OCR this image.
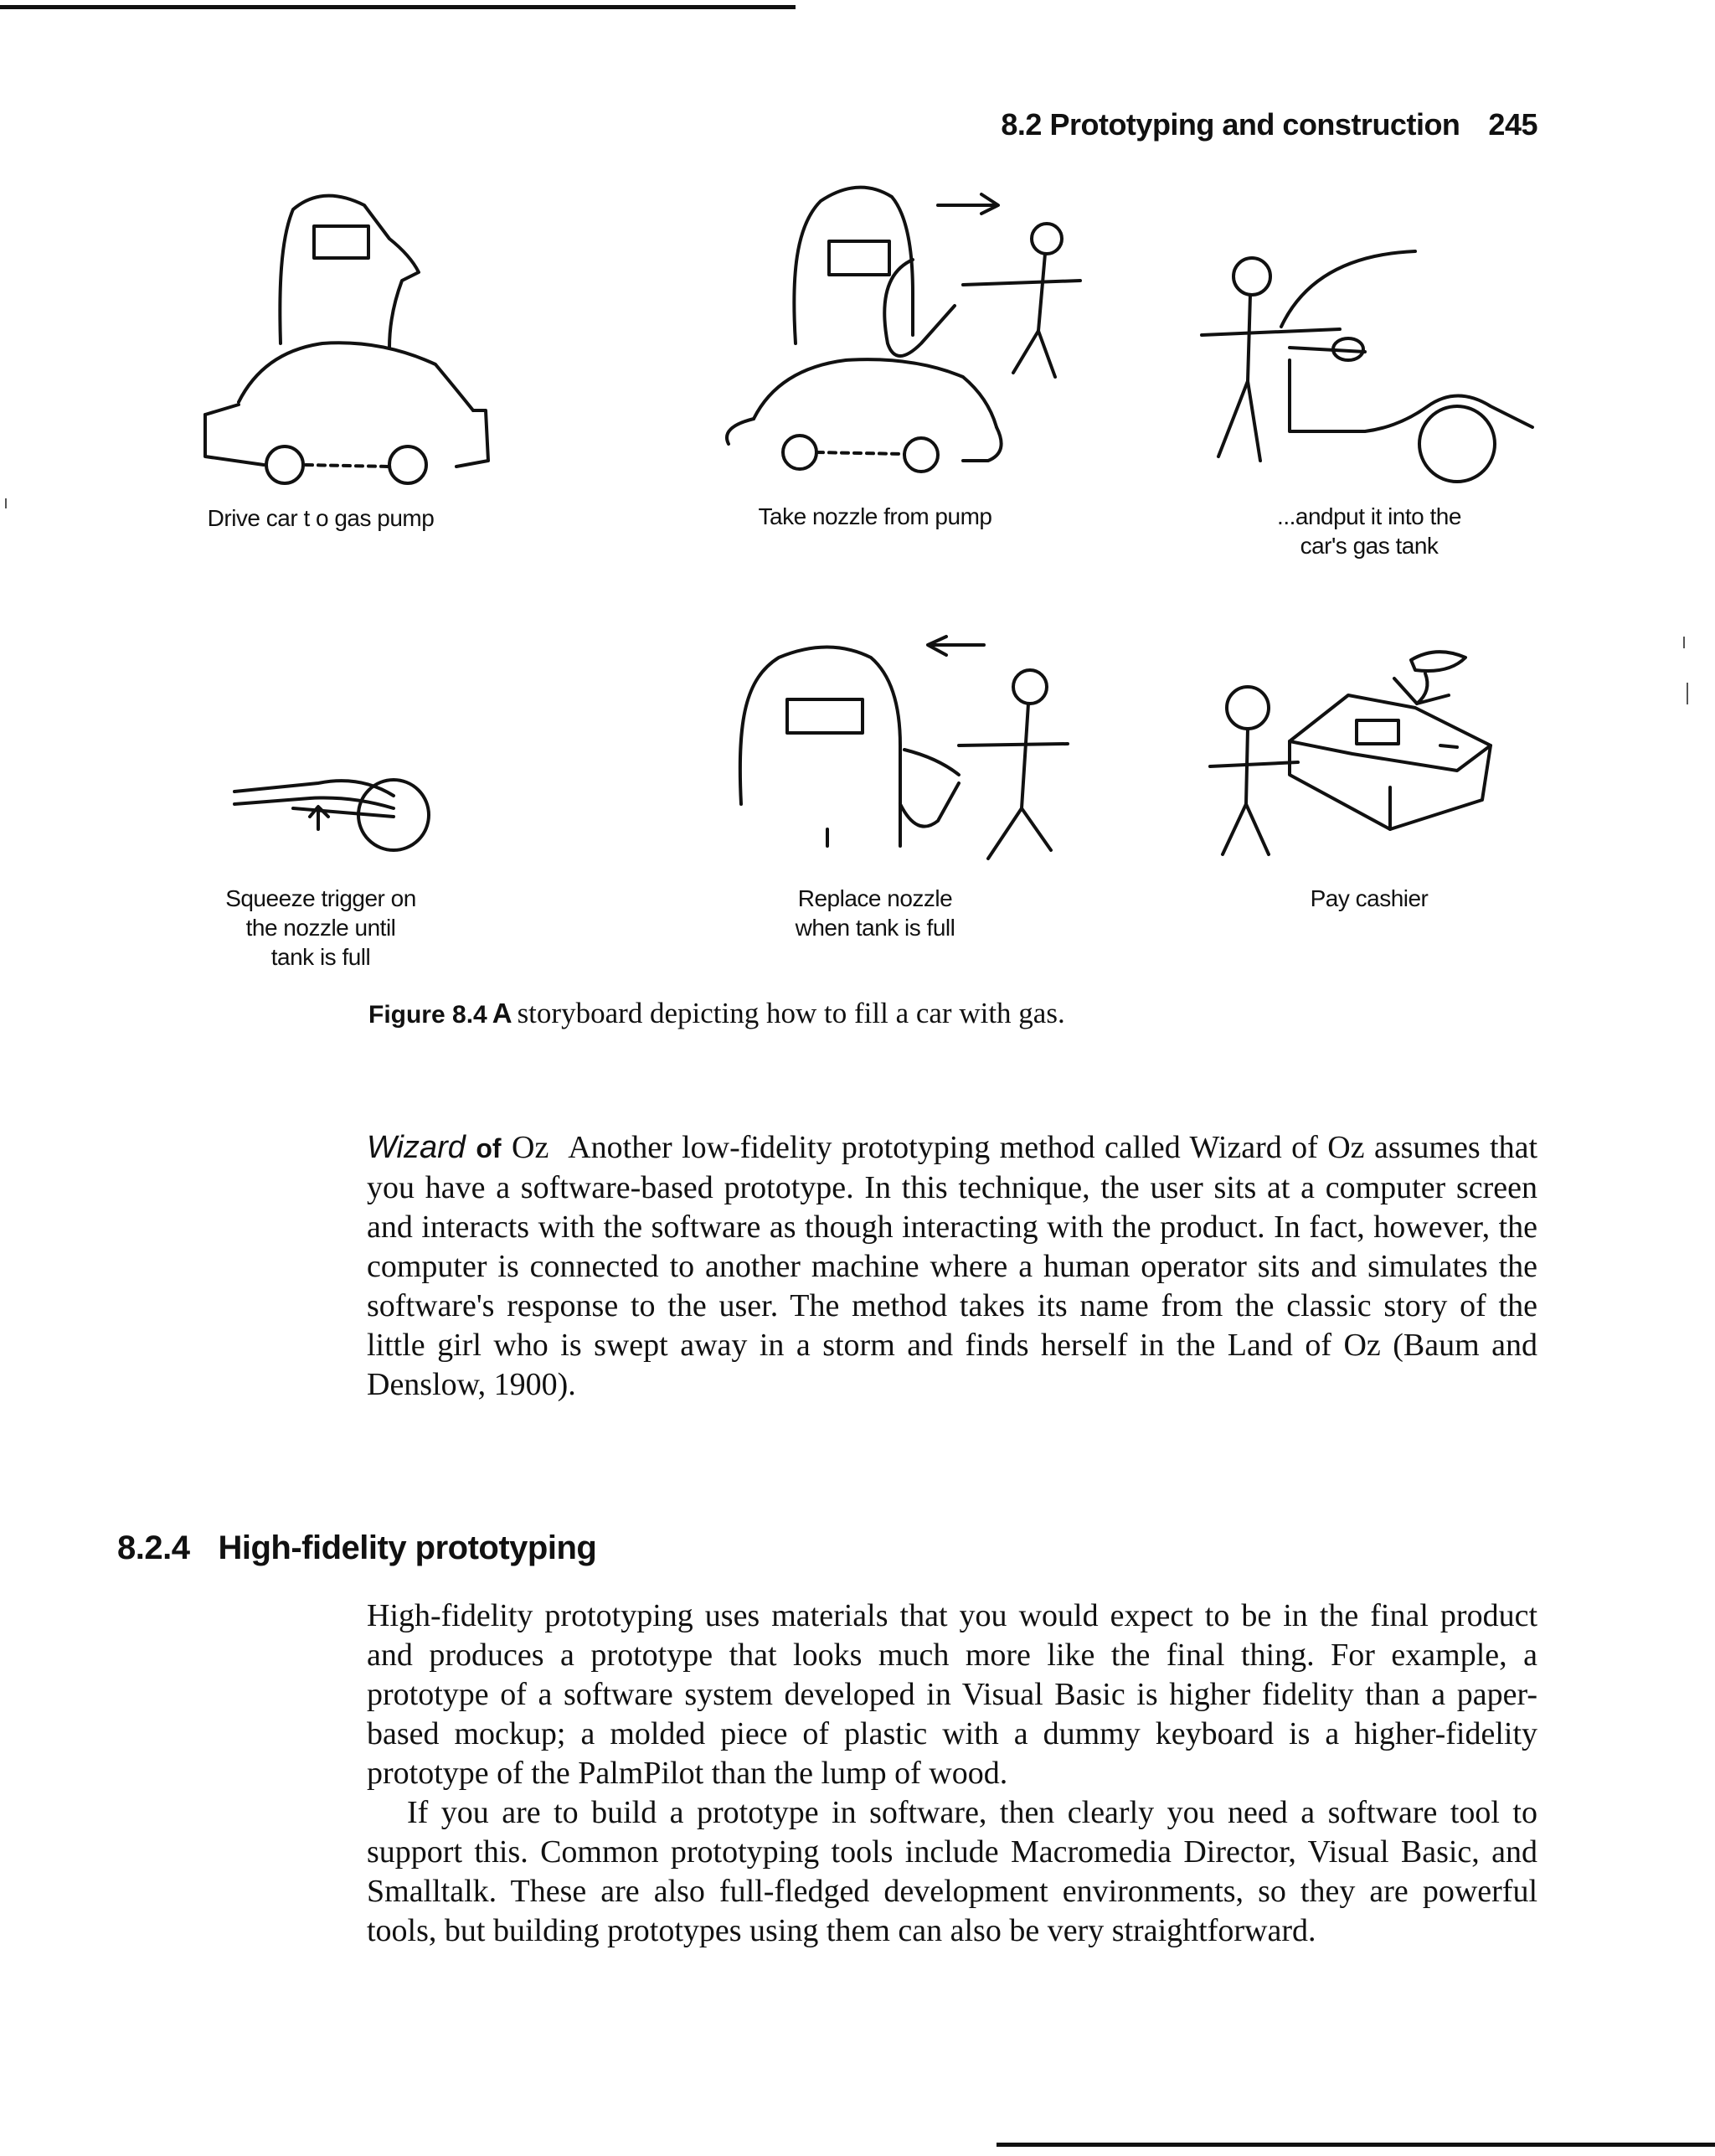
8.2 Prototyping and construction 245
Drive car t o gas pump	Take nozzle from pump	...andput it into the
car's gas tank
Squeeze trigger on
the nozzle until
tank is full
Replace nozzle
when tank is full
Pay cashier
Figure 8.4 A storyboard depicting how to fill a car with gas.
Wizard of Oz Another low-fidelity prototyping method called Wizard of Oz assumes that you have a software-based prototype. In this technique, the user sits at a computer screen and interacts with the software as though interacting with the product. In fact, however, the computer is connected to another machine where a human operator sits and simulates the software's response to the user. The method takes its name from the classic story of the little girl who is swept away in a storm and finds herself in the Land of Oz (Baum and Denslow, 1900).
8.2.4 High-fidelity prototyping
High-fidelity prototyping uses materials that you would expect to be in the final product and produces a prototype that looks much more like the final thing. For example, a prototype of a software system developed in Visual Basic is higher fidelity than a paper-based mockup; a molded piece of plastic with a dummy keyboard is a higher-fidelity prototype of the PalmPilot than the lump of wood.
If you are to build a prototype in software, then clearly you need a software tool to support this. Common prototyping tools include Macromedia Director, Visual Basic, and Smalltalk. These are also full-fledged development environments, so they are powerful tools, but building prototypes using them can also be very straightforward.
